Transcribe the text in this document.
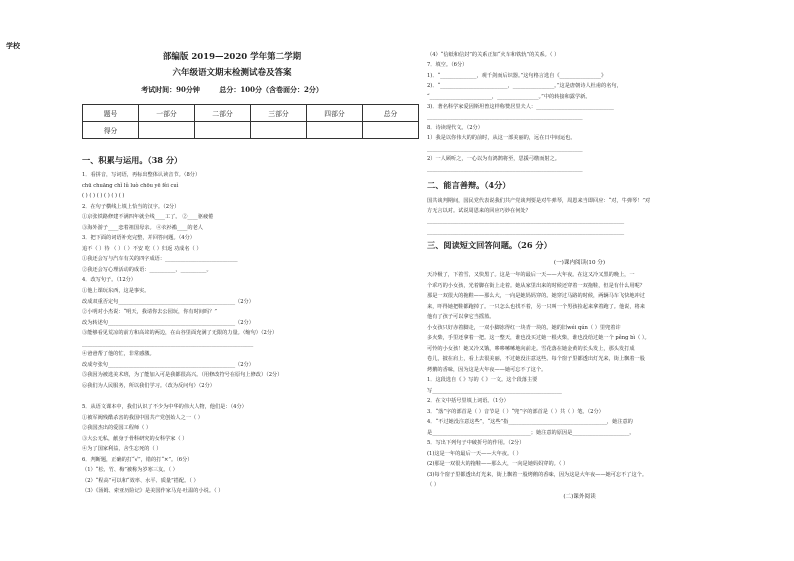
学校
部编版 2019—2020 学年第二学期
六年级语文期末检测试卷及答案
考试时间：90分钟        总分：100分（含卷面分：2分）
题号	一部分	二部分	三部分	四部分	总分
得分					
一、积累与运用。（38 分）
1．看拼音，写词语，再标出整体认读音节。（8分）
chū chuāng chǐ lǔ luò chōu yē fèi cuì
( ) ( ) ( ) ( ) ( ) ( )
2．在句子横线上填上恰当的汉字。（2分）
①京张铁路修建不满四年就全线____工了。 ②____驱疲倦
③海外游子____恋着祖国母亲。 ④衣衫褴____的老人
3．把下面的词语补充完整，并回答问题。（4分）
追不（ ）待 （ ）（ ）不安 吃（ ）归返 功成名（ ）
①我还会写与汽车有关的四字成语：____________________________
②我还会写心理活动的成语：__________，__________。
4．改写句子。（12分）
①他上课玩东西，这是事实。
改成双重否定句_____________________________________________（2分）
②小明对小杰说：“明天，我请你去公园玩，你有时间吗？”
改为转述句_________________________________________________（2分）
③能够看见荒凉的前方和高耸的两边，在山谷里面充满了无限的力量。（缩句）（2分）
__________________________________________________________________
④爸爸帮了他的忙，非常感激。
改成夸张句_________________________________________________（2分）
⑤我因为被选美术班，为了能加入可是我都很高兴。（用修改符号在原句上修改）（2分）
⑥我们为人民服务，所以我们学习。（改为反问句）（2分）
5．从语文课本中，我们认识了不少为中华的伟大人物，他们是：（4分）
①被军阀残酷杀害的我国中国共产党创始人之一（ ）
②我国杰出的爱国工程师（ ）
③大公无私，献身于骨科研究的女科学家（ ）
④为了国家利益，舍生忘死的（ ）
6．判断题，正确的打“√”，错的打“×”。（6分）
（1）“松、竹、梅”被称为岁寒三友。（ ）
（2）“程高”可以和“效率、水平、质量”搭配。（ ）
（3）《汤姆、索亚历险记》是美国作家马克·吐温的小说。（ ）
（4）“信纸和信封”的关系正如“火车和铁轨”的关系。（ ）
7．填空。（6分）
1)．“______________，观千剑而后识器。”这句格言选自《________________》
2)．“__________________________，________________。”这是唐朝诗人杜甫的名句，
“________________________，________________。”中的转接和露学新。
3)．著名科学家爱因斯坦曾这样称赞居里夫人：______________________________
____________________________________________________________
8．诗读现代文。（2分）
1）我是以你伟大的的前时，从这一部美丽的，远在日中间运也。
____________________________________________________________
2）一人顾听之，一心以为有鸿鹄将至，思援弓缴而射之。
____________________________________________________________
二、能言善辩。（4分）
国共谈判期间，国民党代表说我们共产党谈判要是对牛弹琴，周恩来当即回应：“对，牛弹琴！”对
方无言以对。试说周恩来的回应巧妙在何处？
____________________________________________________________________________
____________________________________________________________________________
三、阅读短文回答问题。（26 分）
(一)课内阅读(10 分)
天冷极了，下着雪，又快黑了。这是一年的最后一天——大年夜。在这又冷又黑的晚上，一
个乖巧的小女孩，光着脚在街上走着。她从家里出来的时候还穿着一双拖鞋，但是有什么用呢？
那是一双很大的拖鞋——那么大，一向是她妈妈穿的。她穿过马路的时候，两辆马车飞快地冲过
来，吓得她把鞋都跑掉了。一只怎么也找不着，另一只叫一个男孩捡起来拿着跑了。他说，将来
他有了孩子可以拿它当摇篮。
小女孩只好赤着脚走，一双小脚冻得红一块青一块的。她的旧wéi qún（ ）里兜着许
多火柴，手里还拿着一把。这一整天，谁也没买过她一根火柴，谁也没给过她一个 pěng bì（ ）。
可怜的小女孩！她又冷又饿，哆哆嗦嗦地向前走。雪花落在她金黄的长头发上，那头发打成
卷儿，披在肩上，看上去很美丽，不过她没注意这些。每个窗子里都透出灯光来，街上飘着一股
烤鹅的香味，因为这是大年夜——她可忘不了这个。
1．这段选自《 》写的《 》一文。这个段落主要
写__________________________________________________
2．在文中括号里填上词语。（1分）
3．“落”字的部首是（ ）音节是（ ）“兜”字的部首是（ ）共（ ）笔。（2分）
4．“不过她没注意这些”，“这些”指______________________________________，她注意的
是______________________________________；她注意的原因是______________________。
5．写出下列句子中破折号的作用。（2分）
(1)这是一年的最后一天——大年夜。（ ）
(2)那是一双很大的拖鞋——那么大，一向是她妈妈穿的。（ ）
(3)每个窗子里都透出灯光来，街上飘着一股烤鹅的香味，因为这是大年夜——她可忘不了这个。
（ ）
(二)课外阅读
